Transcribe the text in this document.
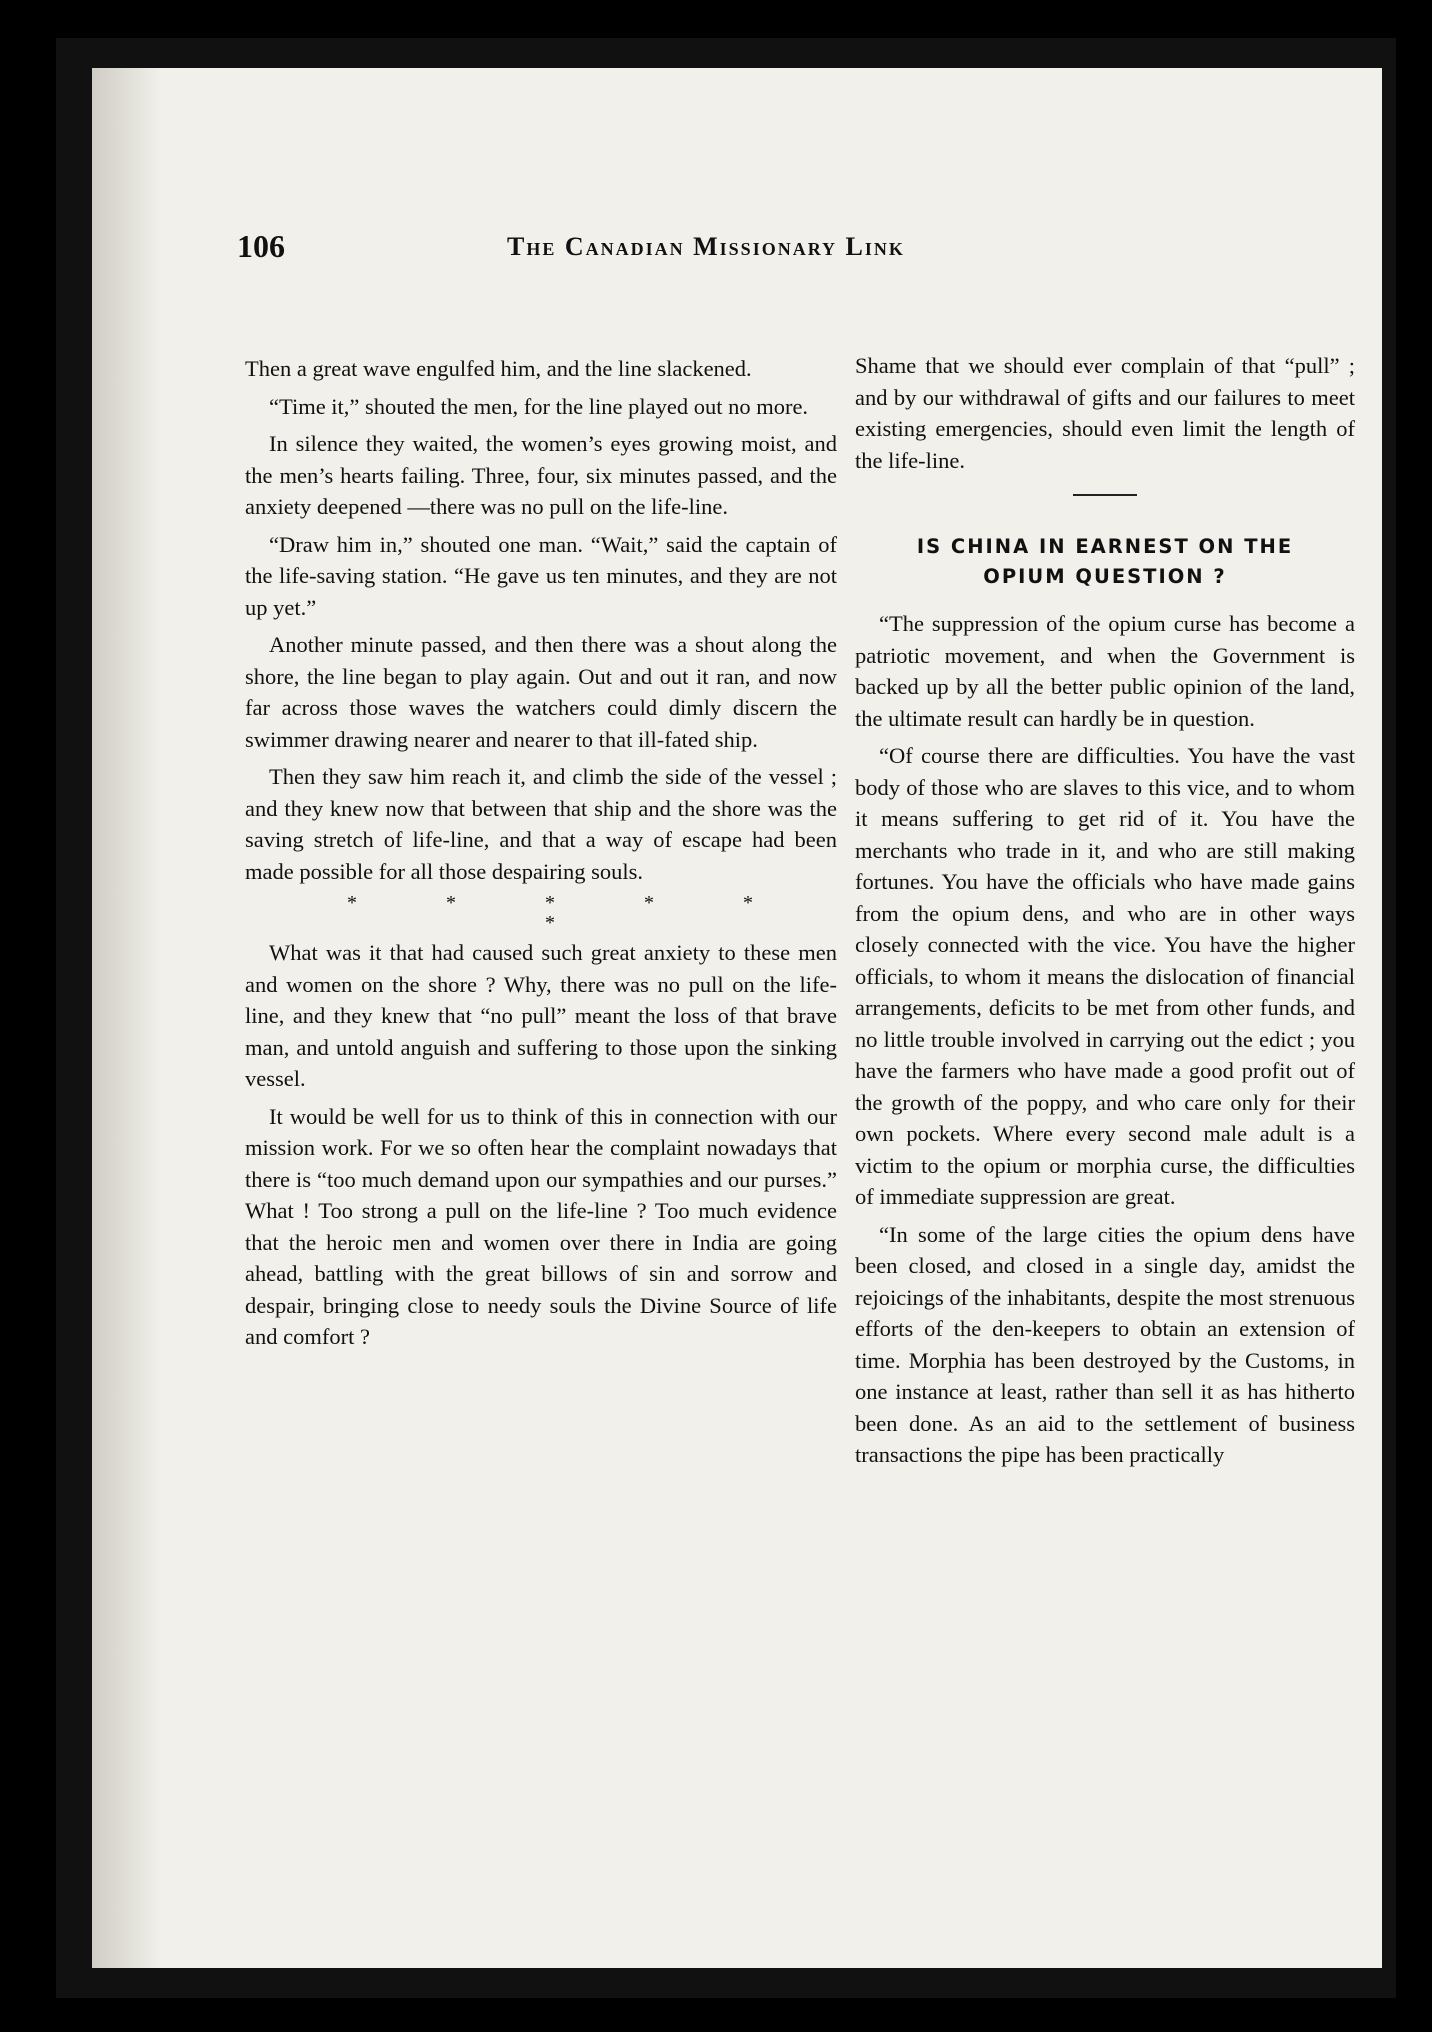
106	The Canadian Missionary Link

Then a great wave engulfed him, and the line slackened.

“Time it,” shouted the men, for the line played out no more.

In silence they waited, the women’s eyes growing moist, and the men’s hearts failing. Three, four, six minutes passed, and the anxiety deepened —there was no pull on the life-line.

“Draw him in,” shouted one man. “Wait,” said the captain of the life-saving station. “He gave us ten minutes, and they are not up yet.”

Another minute passed, and then there was a shout along the shore, the line began to play again. Out and out it ran, and now far across those waves the watchers could dimly discern the swimmer drawing nearer and nearer to that ill-fated ship.

Then they saw him reach it, and climb the side of the vessel ; and they knew now that between that ship and the shore was the saving stretch of life-line, and that a way of escape had been made possible for all those despairing souls.

* * * * * *

What was it that had caused such great anxiety to these men and women on the shore ? Why, there was no pull on the life-line, and they knew that “no pull” meant the loss of that brave man, and untold anguish and suffering to those upon the sinking vessel.

It would be well for us to think of this in connection with our mission work. For we so often hear the complaint nowadays that there is “too much demand upon our sympathies and our purses.” What ! Too strong a pull on the life-line ? Too much evidence that the heroic men and women over there in India are going ahead, battling with the great billows of sin and sorrow and despair, bringing close to needy souls the Divine Source of life and comfort ?

Shame that we should ever complain of that “pull” ; and by our withdrawal of gifts and our failures to meet existing emergencies, should even limit the length of the life-line.

IS CHINA IN EARNEST ON THE
OPIUM QUESTION ?

“The suppression of the opium curse has become a patriotic movement, and when the Government is backed up by all the better public opinion of the land, the ultimate result can hardly be in question.

“Of course there are difficulties. You have the vast body of those who are slaves to this vice, and to whom it means suffering to get rid of it. You have the merchants who trade in it, and who are still making fortunes. You have the officials who have made gains from the opium dens, and who are in other ways closely connected with the vice. You have the higher officials, to whom it means the dislocation of financial arrangements, deficits to be met from other funds, and no little trouble involved in carrying out the edict ; you have the farmers who have made a good profit out of the growth of the poppy, and who care only for their own pockets. Where every second male adult is a victim to the opium or morphia curse, the difficulties of immediate suppression are great.

“In some of the large cities the opium dens have been closed, and closed in a single day, amidst the rejoicings of the inhabitants, despite the most strenuous efforts of the den-keepers to obtain an extension of time. Morphia has been destroyed by the Customs, in one instance at least, rather than sell it as has hitherto been done. As an aid to the settlement of business transactions the pipe has been practically
